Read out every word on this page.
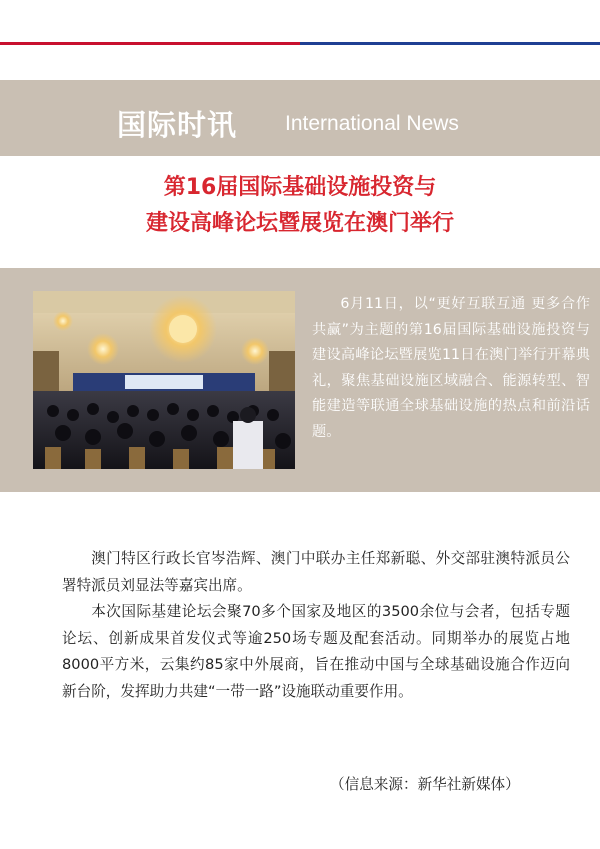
国际时讯 International News
第16届国际基础设施投资与
建设高峰论坛暨展览在澳门举行
6月11日，以“更好互联互通 更多合作共赢”为主题的第16届国际基础设施投资与建设高峰论坛暨展览11日在澳门举行开幕典礼，聚焦基础设施区域融合、能源转型、智能建造等联通全球基础设施的热点和前沿话题。

澳门特区行政长官岑浩辉、澳门中联办主任郑新聪、外交部驻澳特派员公署特派员刘显法等嘉宾出席。

本次国际基建论坛会聚70多个国家及地区的3500余位与会者，包括专题论坛、创新成果首发仪式等逾250场专题及配套活动。同期举办的展览占地8000平方米，云集约85家中外展商，旨在推动中国与全球基础设施合作迈向新台阶，发挥助力共建“一带一路”设施联动重要作用。

（信息来源：新华社新媒体）
